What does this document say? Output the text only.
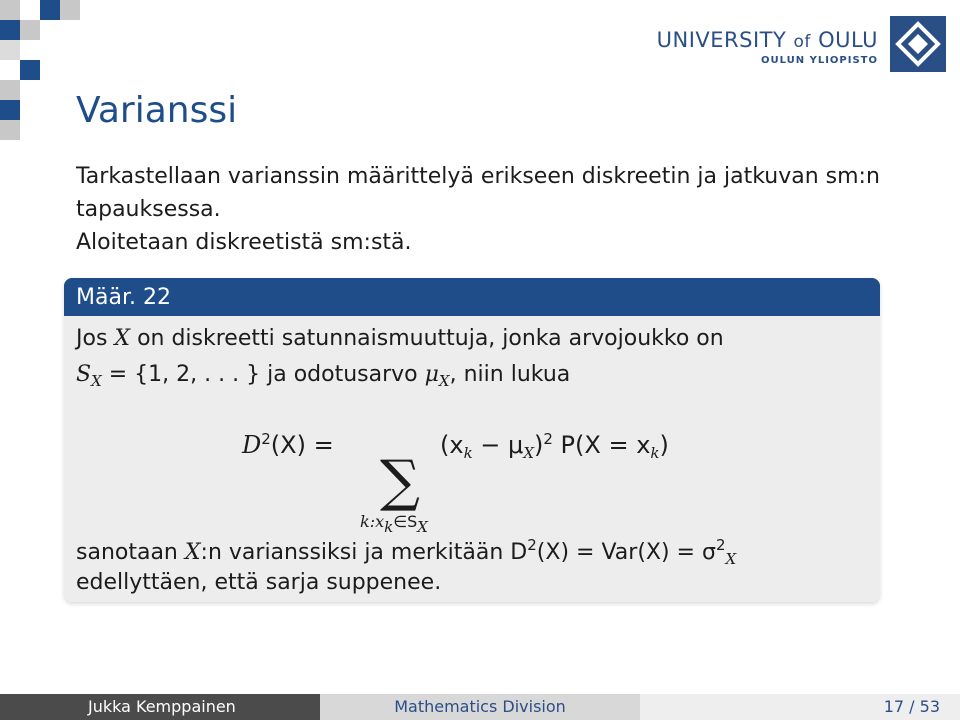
UNIVERSITY of OULU
OULUN YLIOPISTO
Varianssi
Tarkastellaan varianssin määrittelyä erikseen diskreetin ja jatkuvan sm:n tapauksessa.
Aloitetaan diskreetistä sm:stä.
Määr. 22
Jos X on diskreetti satunnaismuuttuja, jonka arvojoukko on
$S_X = \{1$, 2, . . . } ja odotusarvo $\mu_X$, niin lukua
$D^2(X)$ =
∑
k:xk∈SX
$(x_k - \mu_X)^2$ $P(X = x_k)$
sanotaan X:n varianssiksi ja merkitään $D^2(X) = Var(X) = \sigma^2_X$
edellyttäen, että sarja suppenee.
Jukka Kemppainen	Mathematics Division	17 / 53
